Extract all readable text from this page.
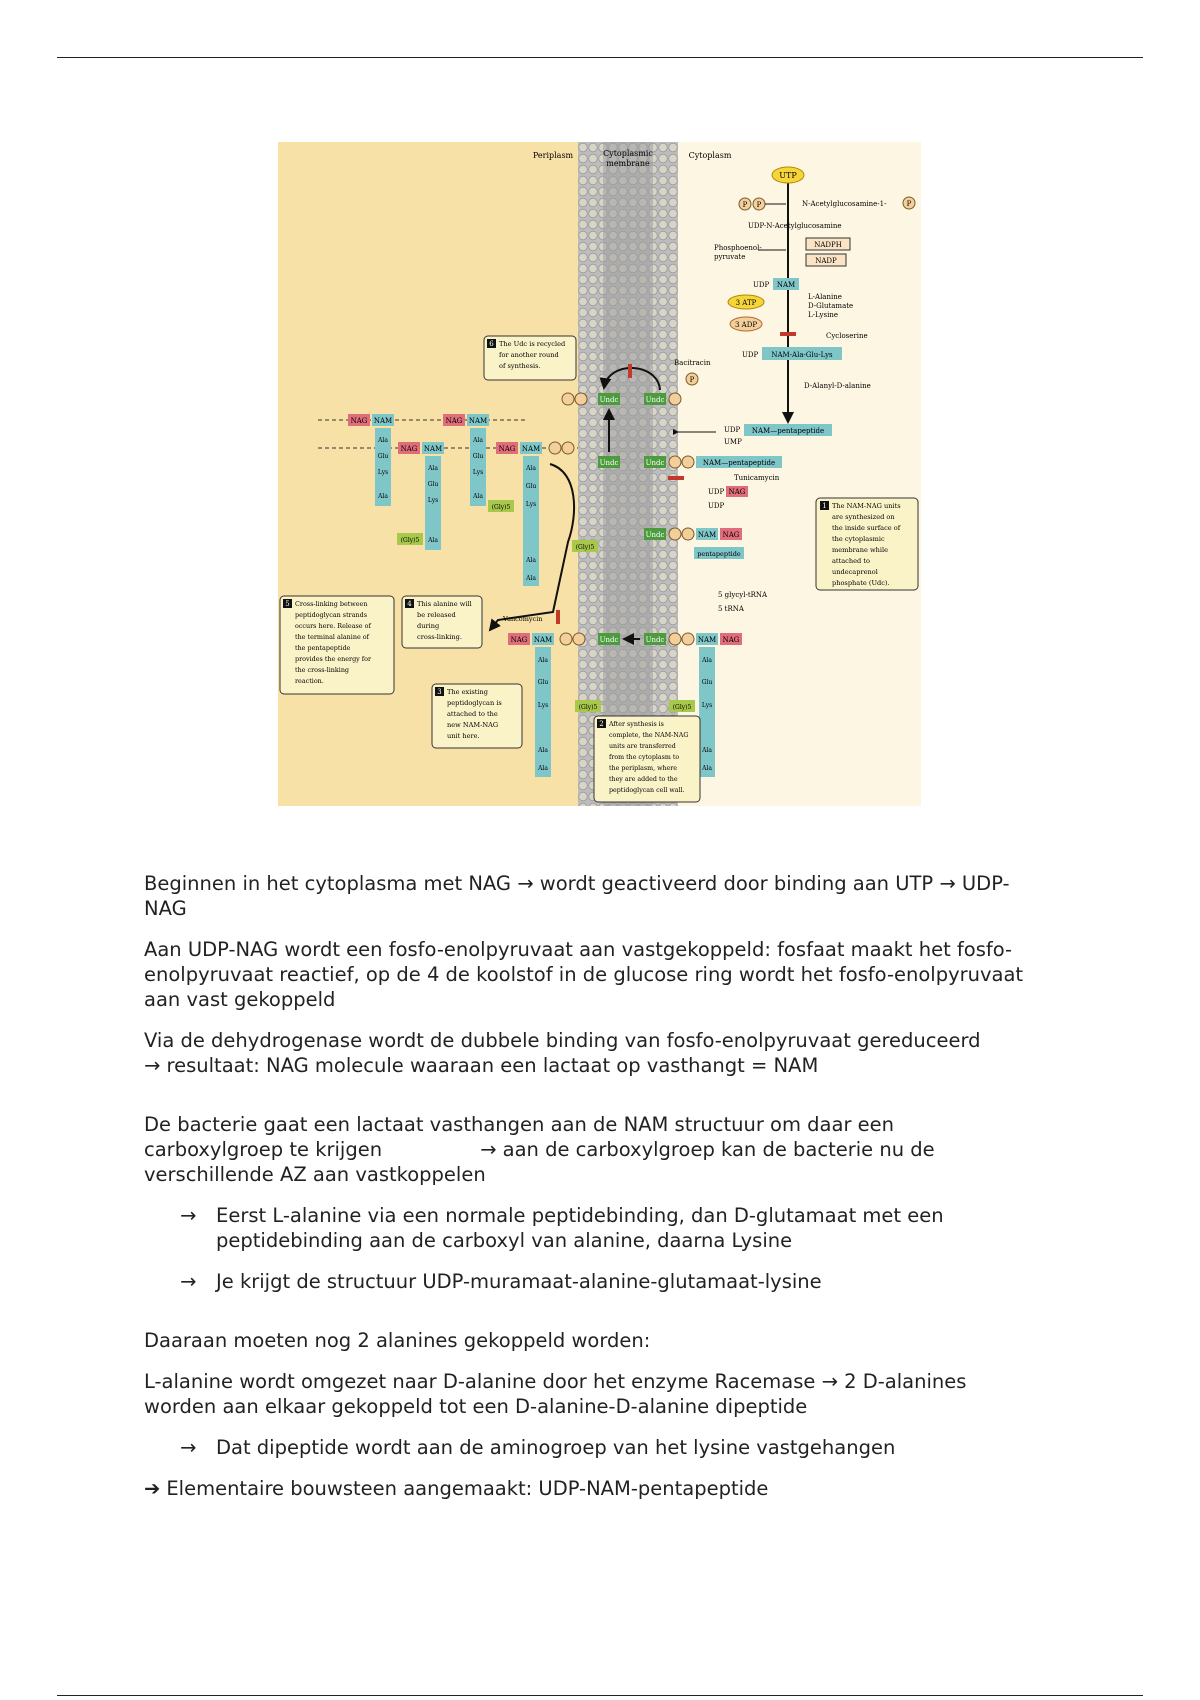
Periplasm	Cytoplasmic
membrane
Cytoplasm
UTP
P P	N-Acetylglucosamine-1-	P
UDP-N-Acetylglucosamine
Phosphoenol-
pyruvate
NADPH
NADP
UDP NAM
3 ATP
3 ADP
L-Alanine
D-Glutamate
L-Lysine
Cycloserine
UDP NAM-Ala-Glu-Lys
D-Alanyl-D-alanine
Bacitracin
P
Undc	Undc
UDP NAM—pentapeptide
UMP
Undc	Undc	NAM—pentapeptide
Tunicamycin
UDP NAG
UDP
Undc	NAM NAG
pentapeptide
5 glycyl-tRNA
5 tRNA
NAG NAM	Undc	Undc	NAM NAG
NAG NAM	NAG NAM
NAG NAM	NAG NAM
Ala
Glu
Lys
Ala
Ala
Glu
Lys
Ala
Ala
Glu
Lys
Ala
Ala
Glu
Lys
Ala
Ala
Ala
Glu
Lys
Ala
Ala
Ala
Glu
Lys
Ala
Ala
(Gly)5
(Gly)5
(Gly)5
(Gly)5	(Gly)5
Vancomycin
1 The NAM-NAG units are synthesized on the inside surface of the cytoplasmic membrane while attached to undecaprenol phosphate (Udc).
2 After synthesis is complete, the NAM-NAG units are transferred from the cytoplasm to the periplasm, where they are added to the peptidoglycan cell wall.
3 The existing peptidoglycan is attached to the new NAM-NAG unit here.
4 This alanine will be released during cross-linking.
5 Cross-linking between peptidoglycan strands occurs here. Release of the terminal alanine of the pentapeptide provides the energy for the cross-linking reaction.
6 The Udc is recycled for another round of synthesis.

Beginnen in het cytoplasma met NAG → wordt geactiveerd door binding aan UTP → UDP-
NAG

Aan UDP-NAG wordt een fosfo-enolpyruvaat aan vastgekoppeld: fosfaat maakt het fosfo-
enolpyruvaat reactief, op de 4 de koolstof in de glucose ring wordt het fosfo-enolpyruvaat
aan vast gekoppeld

Via de dehydrogenase wordt de dubbele binding van fosfo-enolpyruvaat gereduceerd
→ resultaat: NAG molecule waaraan een lactaat op vasthangt = NAM

De bacterie gaat een lactaat vasthangen aan de NAM structuur om daar een
carboxylgroep te krijgen	→ aan de carboxylgroep kan de bacterie nu de
verschillende AZ aan vastkoppelen

→	Eerst L-alanine via een normale peptidebinding, dan D-glutamaat met een
peptidebinding aan de carboxyl van alanine, daarna Lysine
→	Je krijgt de structuur UDP-muramaat-alanine-glutamaat-lysine

Daaraan moeten nog 2 alanines gekoppeld worden:

L-alanine wordt omgezet naar D-alanine door het enzyme Racemase → 2 D-alanines
worden aan elkaar gekoppeld tot een D-alanine-D-alanine dipeptide

→	Dat dipeptide wordt aan de aminogroep van het lysine vastgehangen
➔ Elementaire bouwsteen aangemaakt: UDP-NAM-pentapeptide
